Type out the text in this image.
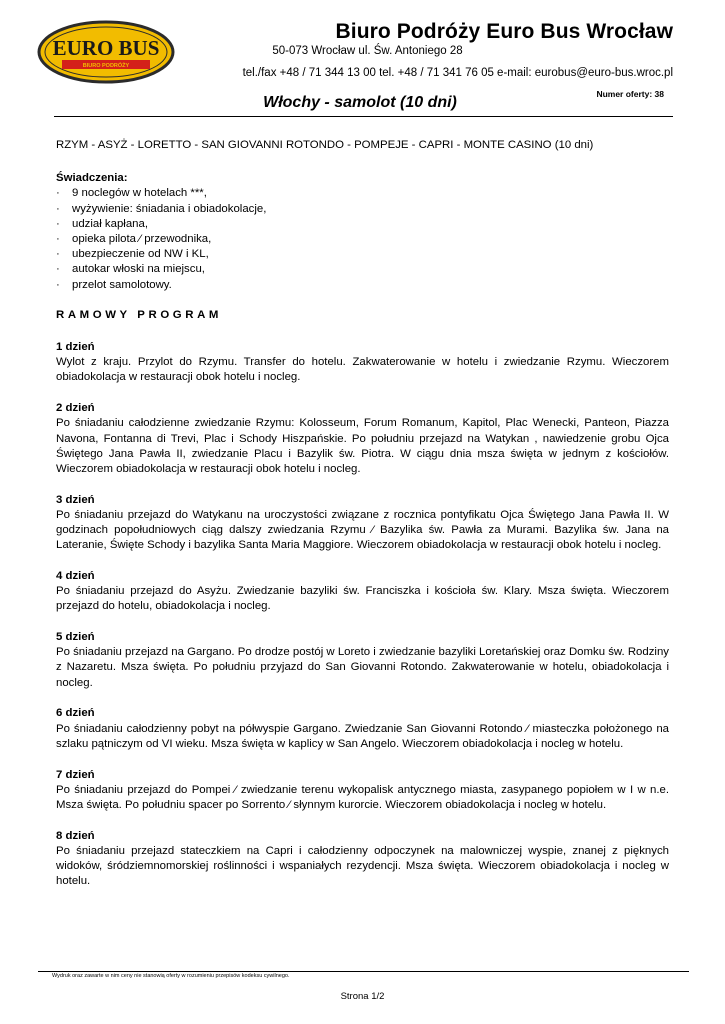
EURO BUS
BIURO PODRÓŻY
Biuro Podróży Euro Bus Wrocław
50-073 Wrocław ul. Św. Antoniego 28
tel./fax +48 / 71 344 13 00 tel. +48 / 71 341 76 05 e-mail: eurobus@euro-bus.wroc.pl
Włochy - samolot (10 dni)	Numer oferty: 38

RZYM - ASYŻ - LORETTO - SAN GIOVANNI ROTONDO - POMPEJE - CAPRI - MONTE CASINO (10 dni)

Świadczenia:

· 9 noclegów w hotelach ***,
· wyżywienie: śniadania i obiadokolacje,
· udział kapłana,
· opieka pilota ⁄ przewodnika,
· ubezpieczenie od NW i KL,
· autokar włoski na miejscu,
· przelot samolotowy.

RAMOWY PROGRAM

1 dzień
Wylot z kraju. Przylot do Rzymu. Transfer do hotelu. Zakwaterowanie w hotelu i zwiedzanie Rzymu. Wieczorem obiadokolacja w restauracji obok hotelu i nocleg.
2 dzień
Po śniadaniu całodzienne zwiedzanie Rzymu: Kolosseum, Forum Romanum, Kapitol, Plac Wenecki, Panteon, Piazza Navona, Fontanna di Trevi, Plac i Schody Hiszpańskie. Po południu przejazd na Watykan , nawiedzenie grobu Ojca Świętego Jana Pawła II, zwiedzanie Placu i Bazylik św. Piotra. W ciągu dnia msza święta w jednym z kościołów. Wieczorem obiadokolacja w restauracji obok hotelu i nocleg.
3 dzień
Po śniadaniu przejazd do Watykanu na uroczystości związane z rocznica pontyfikatu Ojca Świętego Jana Pawła II. W godzinach popołudniowych ciąg dalszy zwiedzania Rzymu ⁄ Bazylika św. Pawła za Murami. Bazylika św. Jana na Lateranie, Święte Schody i bazylika Santa Maria Maggiore. Wieczorem obiadokolacja w restauracji obok hotelu i nocleg.
4 dzień
Po śniadaniu przejazd do Asyżu. Zwiedzanie bazyliki św. Franciszka i kościoła św. Klary. Msza święta. Wieczorem przejazd do hotelu, obiadokolacja i nocleg.
5 dzień
Po śniadaniu przejazd na Gargano. Po drodze postój w Loreto i zwiedzanie bazyliki Loretańskiej oraz Domku św. Rodziny z Nazaretu. Msza święta. Po południu przyjazd do San Giovanni Rotondo. Zakwaterowanie w hotelu, obiadokolacja i nocleg.
6 dzień
Po śniadaniu całodzienny pobyt na półwyspie Gargano. Zwiedzanie San Giovanni Rotondo ⁄ miasteczka położonego na szlaku pątniczym od VI wieku. Msza święta w kaplicy w San Angelo. Wieczorem obiadokolacja i nocleg w hotelu.
7 dzień
Po śniadaniu przejazd do Pompei ⁄ zwiedzanie terenu wykopalisk antycznego miasta, zasypanego popiołem w I w n.e. Msza święta. Po południu spacer po Sorrento ⁄ słynnym kurorcie. Wieczorem obiadokolacja i nocleg w hotelu.
8 dzień
Po śniadaniu przejazd stateczkiem na Capri i całodzienny odpoczynek na malowniczej wyspie, znanej z pięknych widoków, śródziemnomorskiej roślinności i wspaniałych rezydencji. Msza święta. Wieczorem obiadokolacja i nocleg w hotelu.
Wydruk oraz zawarte w nim ceny nie stanowią oferty w rozumieniu przepisów kodeksu cywilnego.
Strona 1/2
